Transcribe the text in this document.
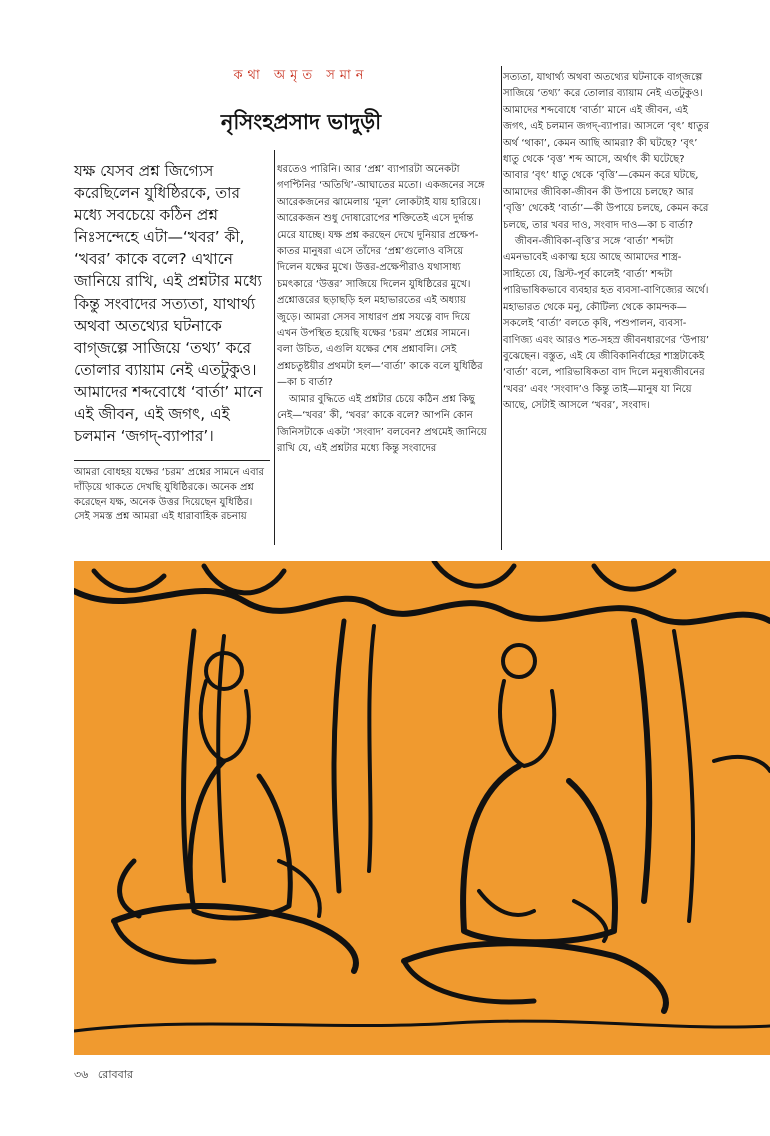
কথা অমৃত সমান
নৃসিংহপ্রসাদ ভাদুড়ী

যক্ষ যেসব প্রশ্ন জিগ্যেস করেছিলেন যুধিষ্ঠিরকে, তার মধ্যে সবচেয়ে কঠিন প্রশ্ন নিঃসন্দেহে এটা—‘খবর’ কী, ‘খবর’ কাকে বলে? এখানে জানিয়ে রাখি, এই প্রশ্নটার মধ্যে কিন্তু সংবাদের সত্যতা, যাথার্থ্য অথবা অতথ্যের ঘটনাকে বাগ্‌জল্পে সাজিয়ে ‘তথ্য’ করে তোলার ব্যায়াম নেই এতটুকুও। আমাদের শব্দবোধে ‘বার্তা’ মানে এই জীবন, এই জগৎ, এই চলমান ‘জগদ্‌-ব্যাপার’।

আমরা বোধহয় যক্ষের ‘চরম’ প্রশ্নের সামনে এবার দাঁড়িয়ে থাকতে দেখছি যুধিষ্ঠিরকে। অনেক প্রশ্ন করেছেন যক্ষ, অনেক উত্তর দিয়েছেন যুধিষ্ঠির। সেই সমস্ত প্রশ্ন আমরা এই ধারাবাহিক রচনায়

ধরতেও পারিনি। আর ‘প্রশ্ন’ ব্যাপারটা অনেকটা গণপ্টিনির ‘অতিথি’-আঘাতের মতো। একজনের সঙ্গে আরেকজনের ঝামেলায় ‘মূল’ লোকটাই যায় হারিয়ে। আরেকজন শুধু দোষারোপের শক্তিতেই এসে দুর্দান্ত মেরে যাচ্ছে। যক্ষ প্রশ্ন করছেন দেখে দুনিয়ার প্রক্ষেপ-কাতর মানুষরা এসে তাঁদের ‘প্রশ্ন’গুলোও বসিয়ে দিলেন যক্ষের মুখে। উত্তর-প্রক্ষেপীরাও যথাসাধ্য চমৎকারে ‘উত্তর’ সাজিয়ে দিলেন যুধিষ্ঠিরের মুখে। প্রশ্নোত্তরের ছড়াছড়ি হল মহাভারতের এই অধ্যায় জুড়ে। আমরা সেসব সাধারণ প্রশ্ন সযত্নে বাদ দিয়ে এখন উপস্থিত হয়েছি যক্ষের ‘চরম’ প্রশ্নের সামনে। বলা উচিত, এগুলি যক্ষের শেষ প্রশ্নাবলি। সেই প্রশ্নচতুষ্টয়ীর প্রথমটা হল—‘বার্তা’ কাকে বলে যুধিষ্ঠির—কা চ বার্তা?

আমার বুদ্ধিতে এই প্রশ্নটার চেয়ে কঠিন প্রশ্ন কিছু নেই—‘খবর’ কী, ‘খবর’ কাকে বলে? আপনি কোন জিনিসটাকে একটা ‘সংবাদ’ বলবেন? প্রথমেই জানিয়ে রাখি যে, এই প্রশ্নটার মধ্যে কিন্তু সংবাদের

সত্যতা, যাথার্থ্য অথবা অতথ্যের ঘটনাকে বাগ্‌জল্পে সাজিয়ে ‘তথ্য’ করে তোলার ব্যায়াম নেই এতটুকুও। আমাদের শব্দবোধে ‘বার্তা’ মানে এই জীবন, এই জগৎ, এই চলমান জগদ্‌-ব্যাপার। আসলে ‘বৃৎ’ ধাতুর অর্থ ‘থাকা’, কেমন আছি আমরা? কী ঘটছে? ‘বৃৎ’ ধাতু থেকে ‘বৃত্ত’ শব্দ আসে, অর্থাৎ কী ঘটেছে? আবার ‘বৃৎ’ ধাতু থেকে ‘বৃত্তি’—কেমন করে ঘটছে, আমাদের জীবিকা-জীবন কী উপায়ে চলছে? আর ‘বৃত্তি’ থেকেই ‘বার্তা’—কী উপায়ে চলছে, কেমন করে চলছে, তার খবর দাও, সংবাদ দাও—কা চ বার্তা?

জীবন-জীবিকা-বৃত্তি’র সঙ্গে ‘বার্তা’ শব্দটা এমনভাবেই একাত্ম হয়ে আছে আমাদের শাস্ত্র-সাহিত্যে যে, খ্রিস্ট-পূর্ব কালেই ‘বার্তা’ শব্দটা পারিভাষিকভাবে ব্যবহার হত ব্যবসা-বাণিজ্যের অর্থে। মহাভারত থেকে মনু, কৌটিল্য থেকে কামন্দক—সকলেই ‘বার্তা’ বলতে কৃষি, পশুপালন, ব্যবসা-বাণিজ্য এবং আরও শত-সহস্র জীবনধারণের ‘উপায়’ বুঝেছেন। বস্তুত, এই যে জীবিকানির্বাহের শাস্ত্রটাকেই ‘বার্তা’ বলে, পারিভাষিকতা বাদ দিলে মনুষ্যজীবনের ‘খবর’ এবং ‘সংবাদ’ও কিন্তু তাই—মানুষ যা নিয়ে আছে, সেটাই আসলে ‘খবর’, সংবাদ।

৩৬ রোববার
